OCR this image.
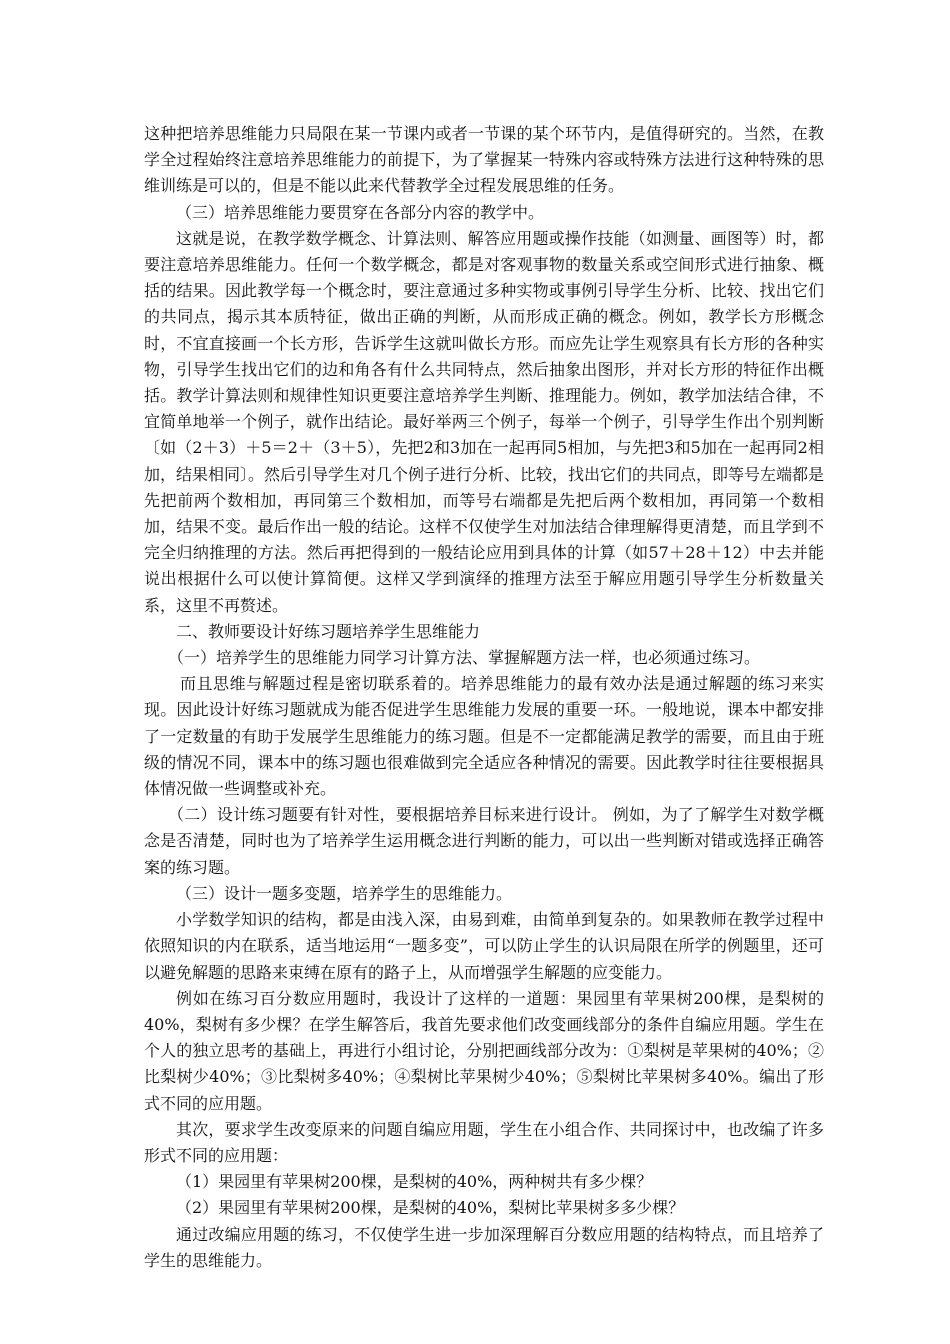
这种把培养思维能力只局限在某一节课内或者一节课的某个环节内，是值得研究的。当然，在教学全过程始终注意培养思维能力的前提下，为了掌握某一特殊内容或特殊方法进行这种特殊的思维训练是可以的，但是不能以此来代替教学全过程发展思维的任务。

（三）培养思维能力要贯穿在各部分内容的教学中。

这就是说，在教学数学概念、计算法则、解答应用题或操作技能（如测量、画图等）时，都要注意培养思维能力。任何一个数学概念，都是对客观事物的数量关系或空间形式进行抽象、概括的结果。因此教学每一个概念时，要注意通过多种实物或事例引导学生分析、比较、找出它们的共同点，揭示其本质特征，做出正确的判断，从而形成正确的概念。例如，教学长方形概念时，不宜直接画一个长方形，告诉学生这就叫做长方形。而应先让学生观察具有长方形的各种实物，引导学生找出它们的边和角各有什么共同特点，然后抽象出图形，并对长方形的特征作出概括。教学计算法则和规律性知识更要注意培养学生判断、推理能力。例如，教学加法结合律，不宜简单地举一个例子，就作出结论。最好举两三个例子，每举一个例子，引导学生作出个别判断〔如（2＋3）＋5＝2＋（3＋5），先把2和3加在一起再同5相加，与先把3和5加在一起再同2相加，结果相同〕。然后引导学生对几个例子进行分析、比较，找出它们的共同点，即等号左端都是先把前两个数相加，再同第三个数相加，而等号右端都是先把后两个数相加，再同第一个数相加，结果不变。最后作出一般的结论。这样不仅使学生对加法结合律理解得更清楚，而且学到不完全归纳推理的方法。然后再把得到的一般结论应用到具体的计算（如57＋28＋12）中去并能说出根据什么可以使计算简便。这样又学到演绎的推理方法至于解应用题引导学生分析数量关系，这里不再赘述。

二、教师要设计好练习题培养学生思维能力

（一）培养学生的思维能力同学习计算方法、掌握解题方法一样，也必须通过练习。

而且思维与解题过程是密切联系着的。培养思维能力的最有效办法是通过解题的练习来实现。因此设计好练习题就成为能否促进学生思维能力发展的重要一环。一般地说，课本中都安排了一定数量的有助于发展学生思维能力的练习题。但是不一定都能满足教学的需要，而且由于班级的情况不同，课本中的练习题也很难做到完全适应各种情况的需要。因此教学时往往要根据具体情况做一些调整或补充。

（二）设计练习题要有针对性，要根据培养目标来进行设计。 例如，为了了解学生对数学概念是否清楚，同时也为了培养学生运用概念进行判断的能力，可以出一些判断对错或选择正确答案的练习题。

（三）设计一题多变题，培养学生的思维能力。

小学数学知识的结构，都是由浅入深，由易到难，由简单到复杂的。如果教师在教学过程中依照知识的内在联系，适当地运用“一题多变”，可以防止学生的认识局限在所学的例题里，还可以避免解题的思路来束缚在原有的路子上，从而增强学生解题的应变能力。

例如在练习百分数应用题时，我设计了这样的一道题：果园里有苹果树200棵，是梨树的40%，梨树有多少棵？在学生解答后，我首先要求他们改变画线部分的条件自编应用题。学生在个人的独立思考的基础上，再进行小组讨论，分别把画线部分改为：①梨树是苹果树的40%；②比梨树少40%；③比梨树多40%；④梨树比苹果树少40%；⑤梨树比苹果树多40%。编出了形式不同的应用题。

其次，要求学生改变原来的问题自编应用题，学生在小组合作、共同探讨中，也改编了许多形式不同的应用题：

（1）果园里有苹果树200棵，是梨树的40%，两种树共有多少棵？

（2）果园里有苹果树200棵，是梨树的40%，梨树比苹果树多多少棵？

通过改编应用题的练习，不仅使学生进一步加深理解百分数应用题的结构特点，而且培养了学生的思维能力。
